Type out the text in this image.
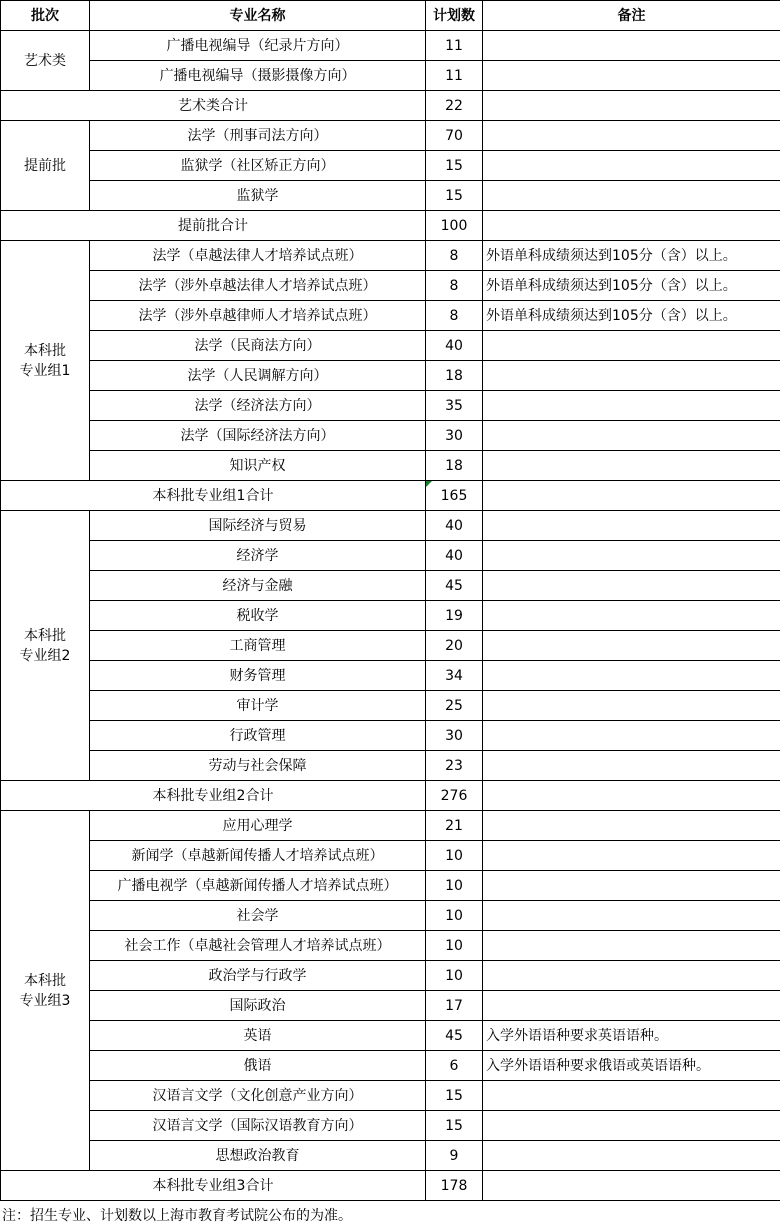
批次	专业名称	计划数	备注
艺术类	广播电视编导（纪录片方向）	11	
	广播电视编导（摄影摄像方向）	11	
艺术类合计		22	
提前批	法学（刑事司法方向）	70	
	监狱学（社区矫正方向）	15	
	监狱学	15	
提前批合计		100	
本科批
专业组1	法学（卓越法律人才培养试点班）	8	外语单科成绩须达到105分（含）以上。
	法学（涉外卓越法律人才培养试点班）	8	外语单科成绩须达到105分（含）以上。
	法学（涉外卓越律师人才培养试点班）	8	外语单科成绩须达到105分（含）以上。
	法学（民商法方向）	40	
	法学（人民调解方向）	18	
	法学（经济法方向）	35	
	法学（国际经济法方向）	30	
	知识产权	18	
本科批专业组1合计		165	
本科批
专业组2	国际经济与贸易	40	
	经济学	40	
	经济与金融	45	
	税收学	19	
	工商管理	20	
	财务管理	34	
	审计学	25	
	行政管理	30	
	劳动与社会保障	23	
本科批专业组2合计		276	
本科批
专业组3	应用心理学	21	
	新闻学（卓越新闻传播人才培养试点班）	10	
	广播电视学（卓越新闻传播人才培养试点班）	10	
	社会学	10	
	社会工作（卓越社会管理人才培养试点班）	10	
	政治学与行政学	10	
	国际政治	17	
	英语	45	入学外语语种要求英语语种。
	俄语	6	入学外语语种要求俄语或英语语种。
	汉语言文学（文化创意产业方向）	15	
	汉语言文学（国际汉语教育方向）	15	
	思想政治教育	9	
本科批专业组3合计		178	
注：招生专业、计划数以上海市教育考试院公布的为准。
